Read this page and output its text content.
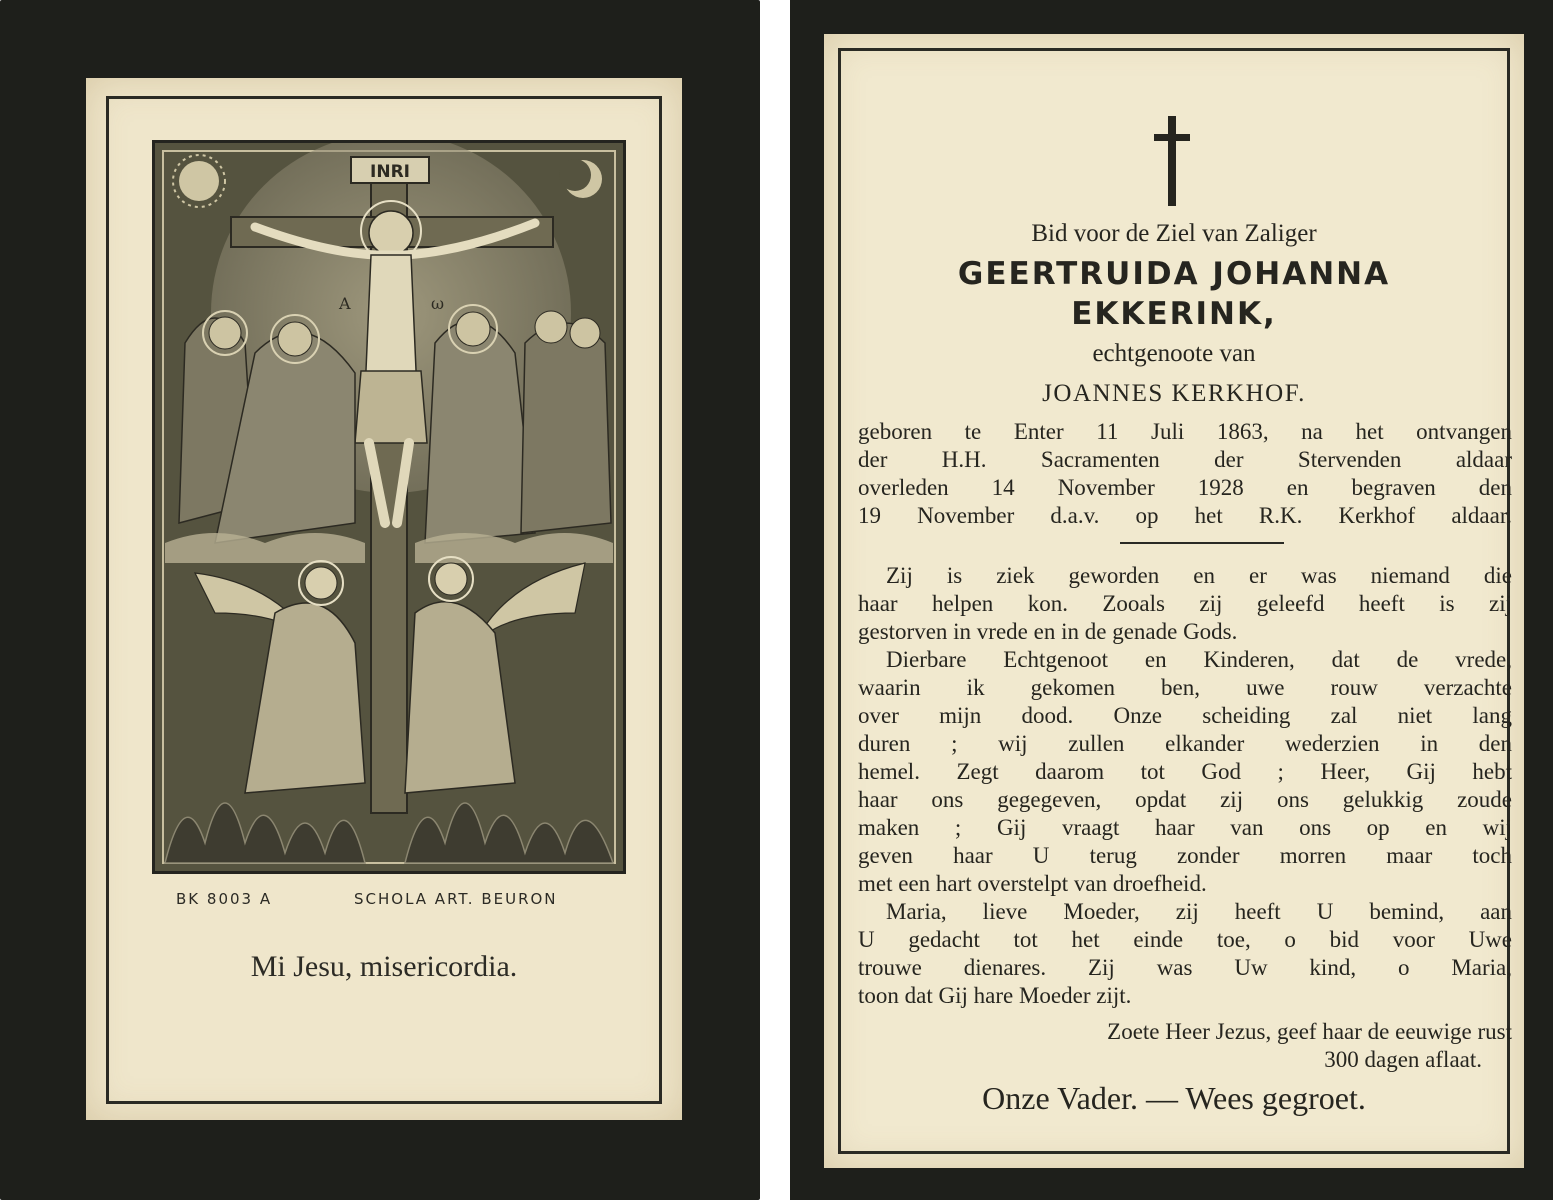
INRI
A	ω
BK 8003 A	SCHOLA ART. BEURON
Mi Jesu, misericordia.
Bid voor de Ziel van Zaliger
GEERTRUIDA JOHANNA
EKKERINK,
echtgenoote van
JOANNES KERKHOF.
geboren te Enter 11 Juli 1863, na het ontvangen
der H.H. Sacramenten der Stervenden aldaar
overleden 14 November 1928 en begraven den
19 November d.a.v. op het R.K. Kerkhof aldaar.
Zij is ziek geworden en er was niemand die
haar helpen kon. Zooals zij geleefd heeft is zij
gestorven in vrede en in de genade Gods.
Dierbare Echtgenoot en Kinderen, dat de vrede,
waarin ik gekomen ben, uwe rouw verzachte
over mijn dood. Onze scheiding zal niet lang
duren ; wij zullen elkander wederzien in den
hemel. Zegt daarom tot God ; Heer, Gij hebt
haar ons gegegeven, opdat zij ons gelukkig zoude
maken ; Gij vraagt haar van ons op en wij
geven haar U terug zonder morren maar toch
met een hart overstelpt van droefheid.
Maria, lieve Moeder, zij heeft U bemind, aan
U gedacht tot het einde toe, o bid voor Uwe
trouwe dienares. Zij was Uw kind, o Maria,
toon dat Gij hare Moeder zijt.
Zoete Heer Jezus, geef haar de eeuwige rust
300 dagen aflaat.
Onze Vader. — Wees gegroet.
